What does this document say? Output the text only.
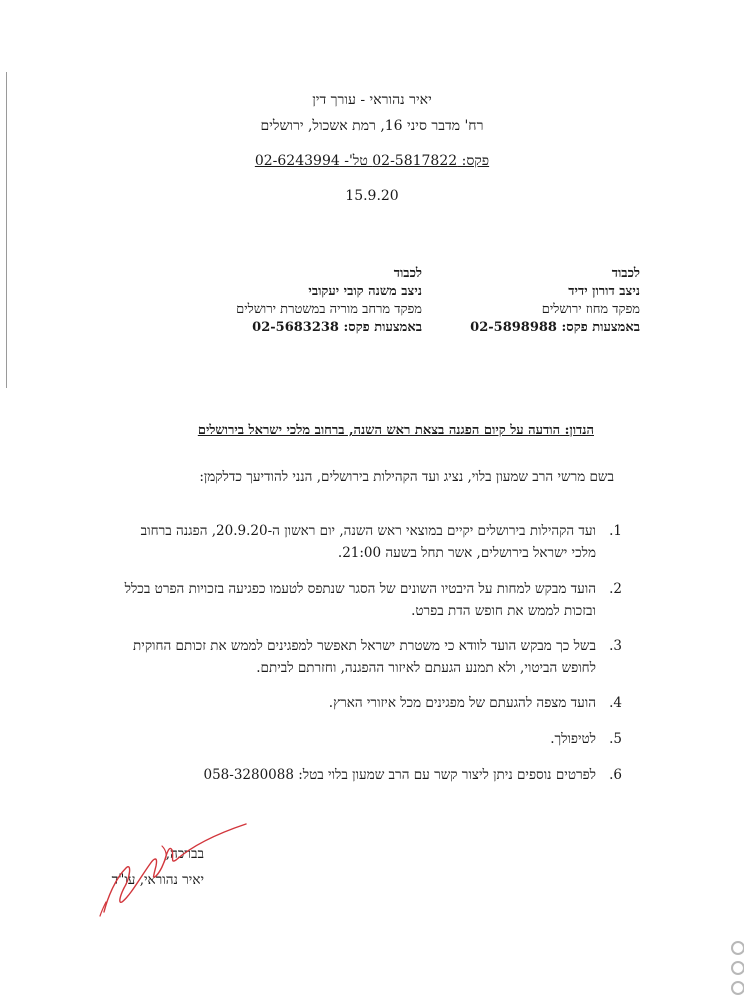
יאיר נהוראי - עורך דין
רח' מדבר סיני 16, רמת אשכול, ירושלים
פקס: 02-5817822 טל'- 02-6243994
15.9.20
לכבוד
ניצב דורון ידיד
מפקד מחוז ירושלים
באמצעות פקס: 02-5898988
לכבוד
ניצב משנה קובי יעקובי
מפקד מרחב מוריה במשטרת ירושלים
באמצעות פקס: 02-5683238
הנדון: הודעה על קיום הפגנה בצאת ראש השנה, ברחוב מלכי ישראל בירושלים
בשם מרשי הרב שמעון בלוי, נציג ועד הקהילות בירושלים, הנני להודיעך כדלקמן:
1.
ועד הקהילות בירושלים יקיים במוצאי ראש השנה, יום ראשון ה-20.9.20, הפגנה ברחוב מלכי ישראל בירושלים, אשר תחל בשעה 21:00.
2.
הועד מבקש למחות על היבטיו השונים של הסגר שנתפס לטעמו כפגיעה בזכויות הפרט בכלל ובזכות לממש את חופש הדת בפרט.
3.
בשל כך מבקש הועד לוודא כי משטרת ישראל תאפשר למפגינים לממש את זכותם החוקית לחופש הביטוי, ולא תמנע הגעתם לאיזור ההפגנה, וחזרתם לביתם.
4.
הועד מצפה להגעתם של מפגינים מכל איזורי הארץ.
5.
לטיפולך.
6.
לפרטים נוספים ניתן ליצור קשר עם הרב שמעון בלוי בטל: 058-3280088
בברכה,
יאיר נהוראי, עו"ד
